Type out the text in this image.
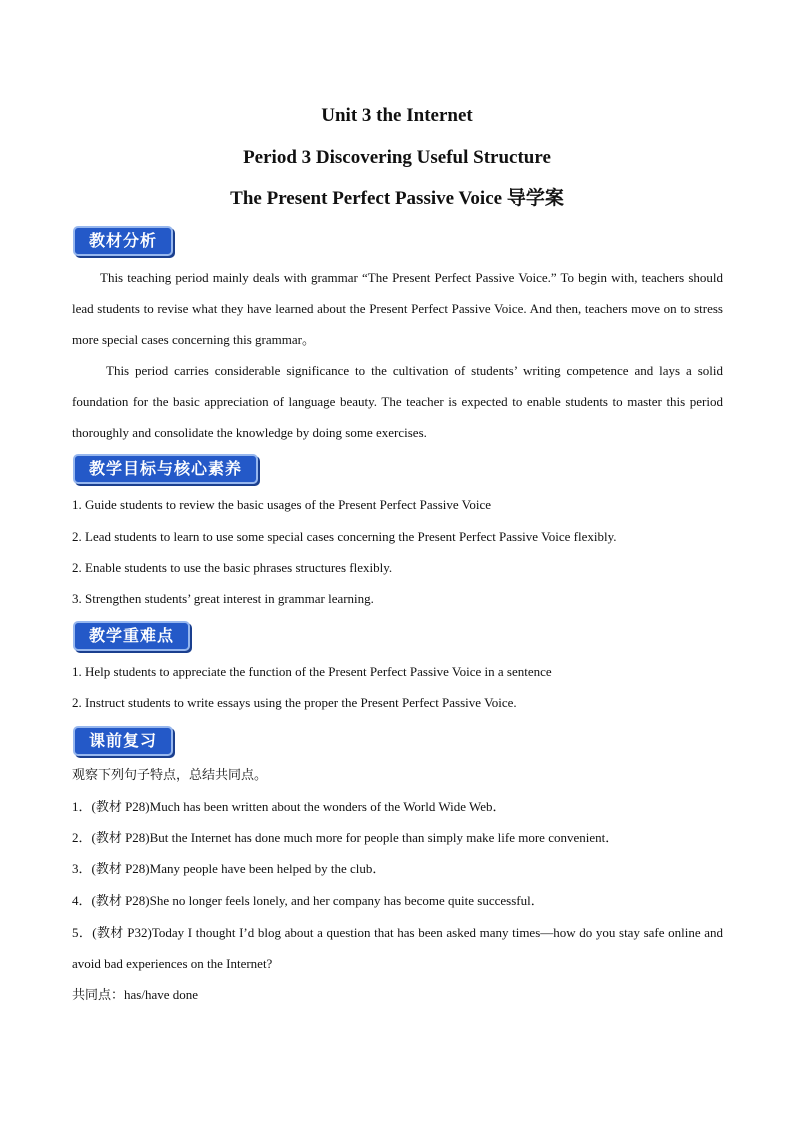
Unit 3 the Internet
Period 3 Discovering Useful Structure
The Present Perfect Passive Voice 导学案
教材分析

This teaching period mainly deals with grammar “The Present Perfect Passive Voice.” To begin with, teachers should lead students to revise what they have learned about the Present Perfect Passive Voice. And then, teachers move on to stress more special cases concerning this grammar。

This period carries considerable significance to the cultivation of students’ writing competence and lays a solid foundation for the basic appreciation of language beauty. The teacher is expected to enable students to master this period thoroughly and consolidate the knowledge by doing some exercises.

教学目标与核心素养

1. Guide students to review the basic usages of the Present Perfect Passive Voice

2. Lead students to learn to use some special cases concerning the Present Perfect Passive Voice flexibly.

2. Enable students to use the basic phrases structures flexibly.

3. Strengthen students’ great interest in grammar learning.

教学重难点

1. Help students to appreciate the function of the Present Perfect Passive Voice in a sentence

2. Instruct students to write essays using the proper the Present Perfect Passive Voice.

课前复习

观察下列句子特点，总结共同点。

1．(教材 P28)Much has been written about the wonders of the World Wide Web．

2．(教材 P28)But the Internet has done much more for people than simply make life more convenient．

3．(教材 P28)Many people have been helped by the club．

4．(教材 P28)She no longer feels lonely, and her company has become quite successful．

5．(教材 P32)Today I thought I’d blog about a question that has been asked many times—how do you stay safe online and avoid bad experiences on the Internet?

共同点：has/have done
